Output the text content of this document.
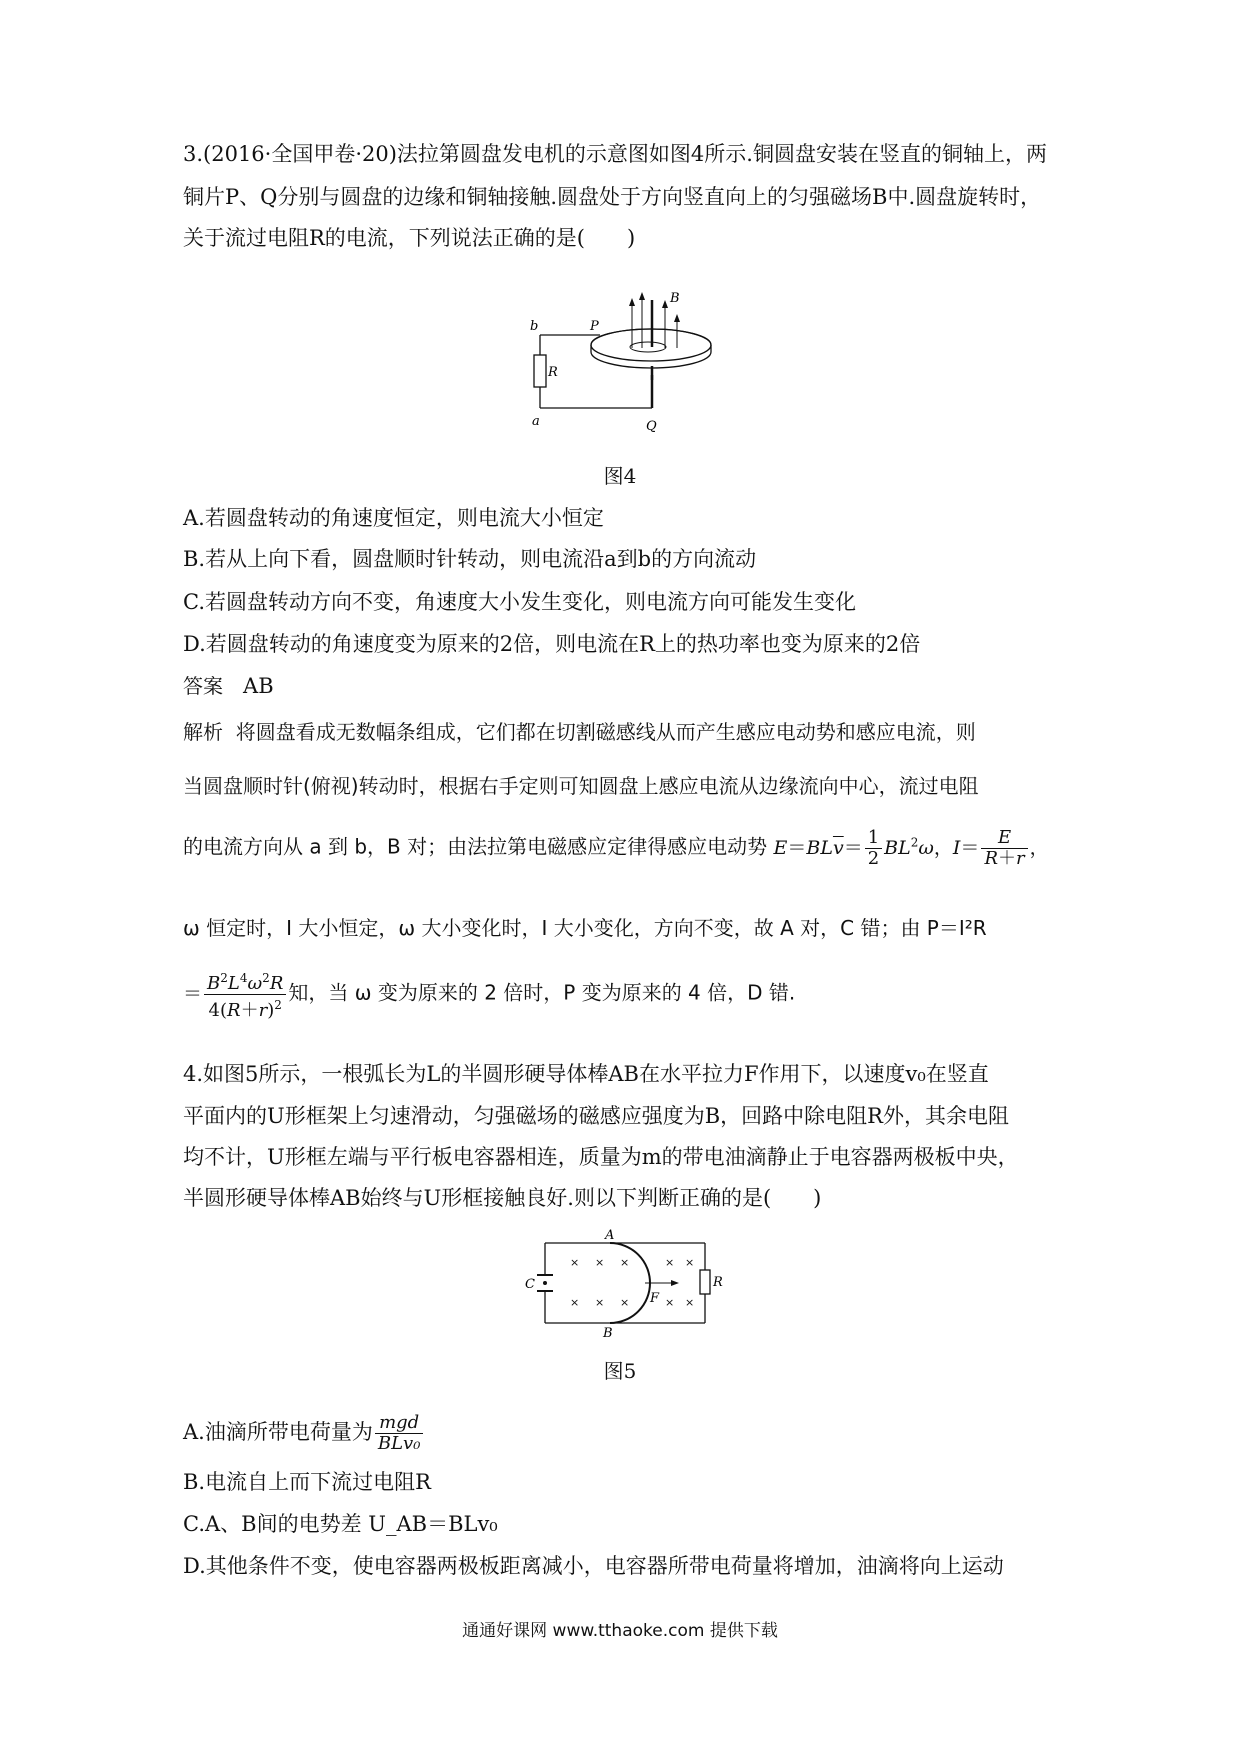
3.(2016·全国甲卷·20)法拉第圆盘发电机的示意图如图4所示.铜圆盘安装在竖直的铜轴上，两
铜片P、Q分别与圆盘的边缘和铜轴接触.圆盘处于方向竖直向上的匀强磁场B中.圆盘旋转时，
关于流过电阻R的电流，下列说法正确的是(　　)
b	P
B
R
a	Q
图4
A.若圆盘转动的角速度恒定，则电流大小恒定
B.若从上向下看，圆盘顺时针转动，则电流沿a到b的方向流动
C.若圆盘转动方向不变，角速度大小发生变化，则电流方向可能发生变化
D.若圆盘转动的角速度变为原来的2倍，则电流在R上的热功率也变为原来的2倍
答案 AB
解析 将圆盘看成无数幅条组成，它们都在切割磁感线从而产生感应电动势和感应电流，则
当圆盘顺时针(俯视)转动时，根据右手定则可知圆盘上感应电流从边缘流向中心，流过电阻
的电流方向从 a 到 b，B 对；由法拉第电磁感应定律得感应电动势 $E=BL\overline{v}= \frac{1}{2} BL^2\omega$，$I= \frac{E}{R+r}$ ，
ω 恒定时，I 大小恒定，ω 大小变化时，I 大小变化，方向不变，故 A 对，C 错；由 P＝I²R
＝ $\frac{B^2L^4\omega^2R}{4(R+r)^2}$ 知，当 ω 变为原来的 2 倍时，P 变为原来的 4 倍，D 错.
4.如图5所示，一根弧长为L的半圆形硬导体棒AB在水平拉力F作用下，以速度v₀在竖直
平面内的U形框架上匀速滑动，匀强磁场的磁感应强度为B，回路中除电阻R外，其余电阻
均不计，U形框左端与平行板电容器相连，质量为m的带电油滴静止于电容器两极板中央，
半圆形硬导体棒AB始终与U形框接触良好.则以下判断正确的是(　　)
× × ×	× ×
× × ×	× ×
A
B
C
F
R
图5
A.油滴所带电荷量为 $\frac{\text{mgd}}{\text{BLv₀}}$
B.电流自上而下流过电阻R
C.A、B间的电势差 U_AB＝BLv₀
D.其他条件不变，使电容器两极板距离减小，电容器所带电荷量将增加，油滴将向上运动
通通好课网 www.tthaoke.com 提供下载
